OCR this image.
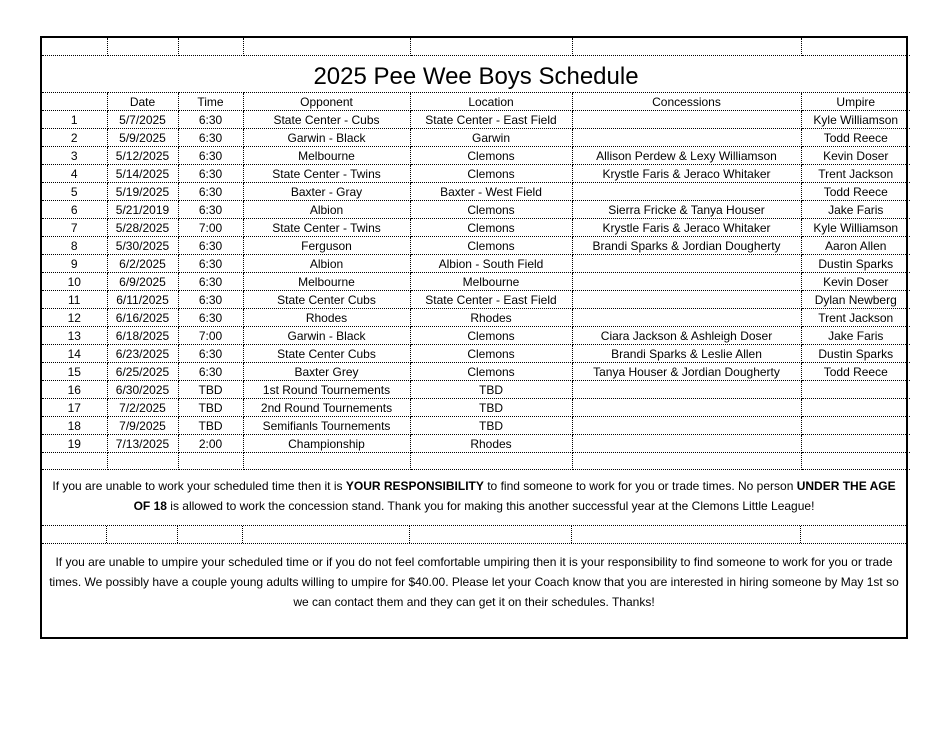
2025 Pee Wee Boys Schedule						
	Date	Time	Opponent	Location	Concessions	Umpire
1	5/7/2025	6:30	State Center - Cubs	State Center - East Field		Kyle Williamson
2	5/9/2025	6:30	Garwin - Black	Garwin		Todd Reece
3	5/12/2025	6:30	Melbourne	Clemons	Allison Perdew & Lexy Williamson	Kevin Doser
4	5/14/2025	6:30	State Center - Twins	Clemons	Krystle Faris & Jeraco Whitaker	Trent Jackson
5	5/19/2025	6:30	Baxter - Gray	Baxter - West Field		Todd Reece
6	5/21/2019	6:30	Albion	Clemons	Sierra Fricke & Tanya Houser	Jake Faris
7	5/28/2025	7:00	State Center - Twins	Clemons	Krystle Faris & Jeraco Whitaker	Kyle Williamson
8	5/30/2025	6:30	Ferguson	Clemons	Brandi Sparks & Jordian Dougherty	Aaron Allen
9	6/2/2025	6:30	Albion	Albion - South Field		Dustin Sparks
10	6/9/2025	6:30	Melbourne	Melbourne		Kevin Doser
11	6/11/2025	6:30	State Center Cubs	State Center - East Field		Dylan Newberg
12	6/16/2025	6:30	Rhodes	Rhodes		Trent Jackson
13	6/18/2025	7:00	Garwin - Black	Clemons	Ciara Jackson & Ashleigh Doser	Jake Faris
14	6/23/2025	6:30	State Center Cubs	Clemons	Brandi Sparks & Leslie Allen	Dustin Sparks
15	6/25/2025	6:30	Baxter Grey	Clemons	Tanya Houser & Jordian Dougherty	Todd Reece
16	6/30/2025	TBD	1st Round Tournements	TBD		
17	7/2/2025	TBD	2nd Round Tournements	TBD		
18	7/9/2025	TBD	Semifianls Tournements	TBD		
19	7/13/2025	2:00	Championship	Rhodes		

If you are unable to work your scheduled time then it is YOUR RESPONSIBILITY to find someone to work for you or trade times. No person UNDER THE AGE OF 18 is allowed to work the concession stand. Thank you for making this another successful year at the Clemons Little League!
If you are unable to umpire your scheduled time or if you do not feel comfortable umpiring then it is your responsibility to find someone to work for you or trade times. We possibly have a couple young adults willing to umpire for $40.00. Please let your Coach know that you are interested in hiring someone by May 1st so we can contact them and they can get it on their schedules. Thanks!
